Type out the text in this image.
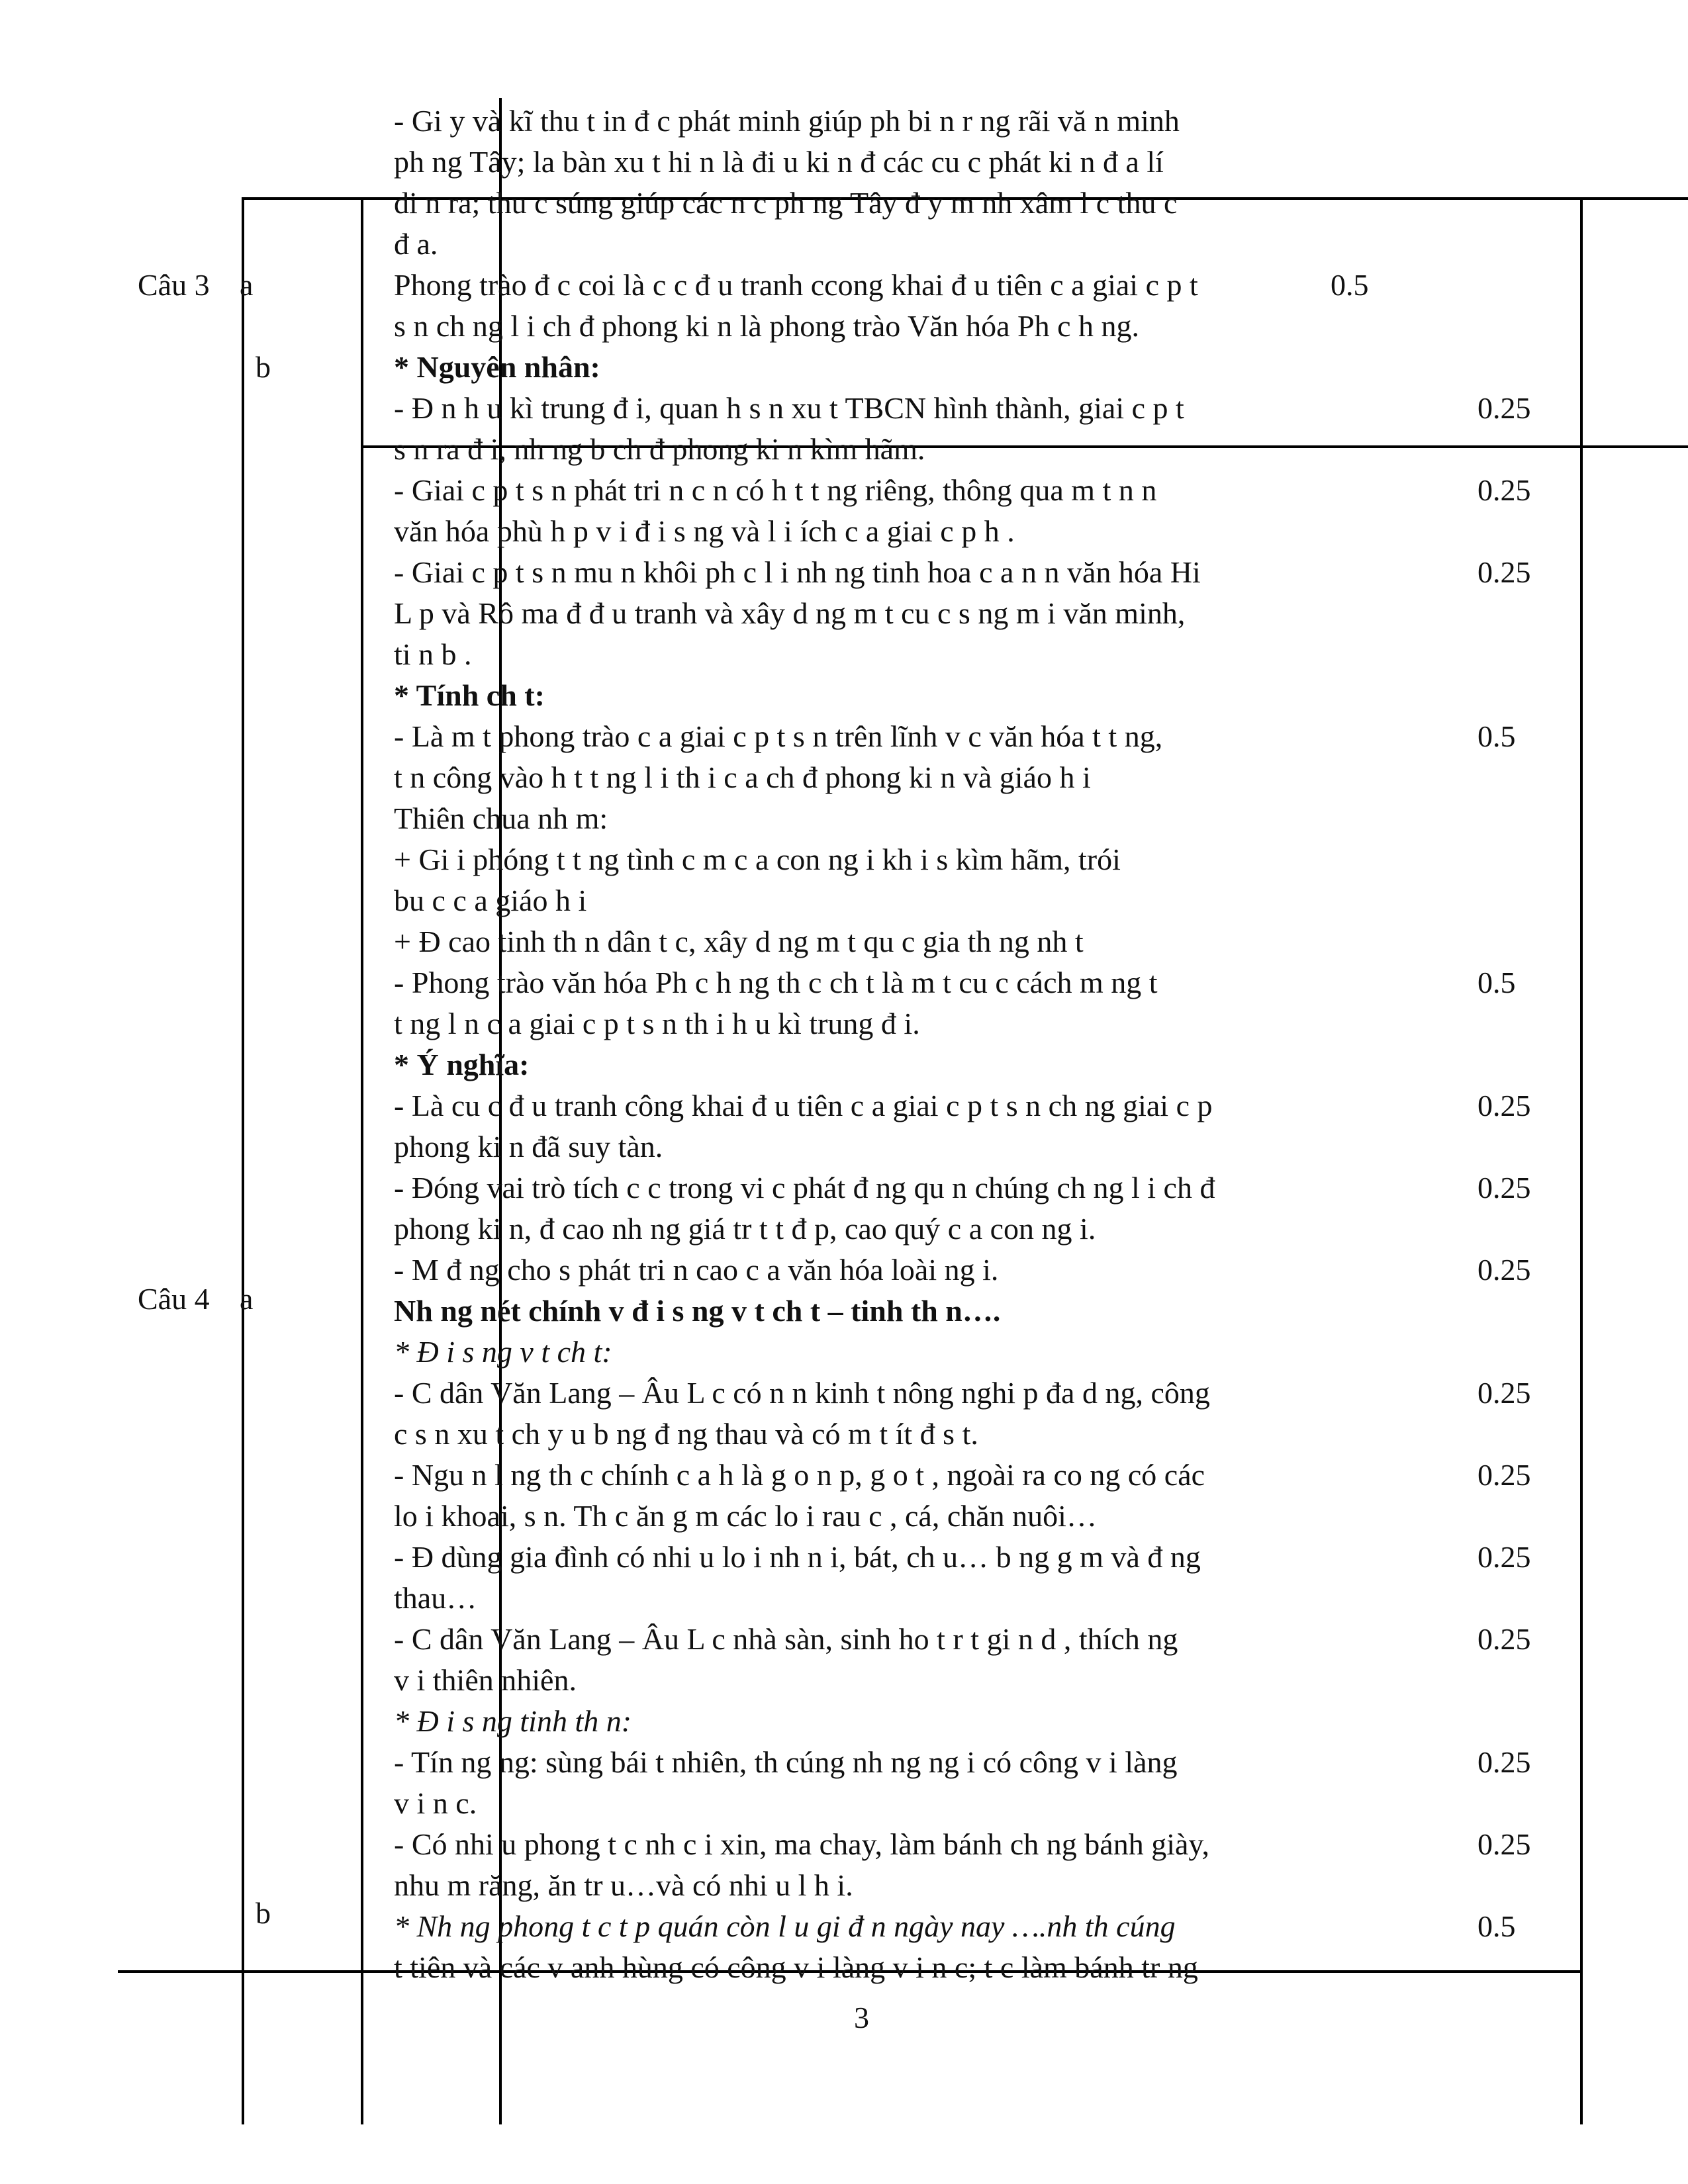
Câu 3 a
b
Câu 4 a
b
- Gi y và kĩ thu t in đ c phát minh giúp ph bi n r ng rãi vă n minh
ph ng Tây; la bàn xu t hi n là đi u ki n đ các cu c phát ki n đ a lí
di n ra; thu c súng giúp các n c ph ng Tây đ y m nh xâm l c thu c
đ a.
Phong trào đ c coi là c c đ u tranh ccong khai đ u tiên c a giai c p t
s n ch ng l i ch đ phong ki n là phong trào Văn hóa Ph c h ng.
* Nguyên nhân:
- Đ n h u kì trung đ i, quan h s n xu t TBCN hình thành, giai c p t
s n ra đ i, nh ng b ch đ phong ki n kìm hãm.
- Giai c p t s n phát tri n c n có h t t ng riêng, thông qua m t n n
văn hóa phù h p v i đ i s ng và l i ích c a giai c p h .
- Giai c p t s n mu n khôi ph c l i nh ng tinh hoa c a n n văn hóa Hi
L p và Rô ma đ đ u tranh và xây d ng m t cu c s ng m i văn minh,
ti n b .
* Tính ch t:
- Là m t phong trào c a giai c p t s n trên lĩnh v c văn hóa t t ng,
t n công vào h t t ng l i th i c a ch đ phong ki n và giáo h i
Thiên chua nh m:
+ Gi i phóng t t ng tình c m c a con ng i kh i s kìm hãm, trói
bu c c a giáo h i
+ Đ cao tinh th n dân t c, xây d ng m t qu c gia th ng nh t
- Phong trào văn hóa Ph c h ng th c ch t là m t cu c cách m ng t
t ng l n c a giai c p t s n th i h u kì trung đ i.
* Ý nghĩa:
- Là cu c đ u tranh công khai đ u tiên c a giai c p t s n ch ng giai c p
phong ki n đã suy tàn.
- Đóng vai trò tích c c trong vi c phát đ ng qu n chúng ch ng l i ch đ
phong ki n, đ cao nh ng giá tr t t đ p, cao quý c a con ng i.
- M đ ng cho s phát tri n cao c a văn hóa loài ng i.
Nh ng nét chính v đ i s ng v t ch t – tinh th n….
* Đ i s ng v t ch t:
- C dân Văn Lang – Âu L c có n n kinh t nông nghi p đa d ng, công
c s n xu t ch y u b ng đ ng thau và có m t ít đ s t.
- Ngu n l ng th c chính c a h là g o n p, g o t , ngoài ra co ng có các
lo i khoai, s n. Th c ăn g m các lo i rau c , cá, chăn nuôi…
- Đ dùng gia đình có nhi u lo i nh n i, bát, ch u… b ng g m và đ ng
thau…
- C dân Văn Lang – Âu L c nhà sàn, sinh ho t r t gi n d , thích ng
v i thiên nhiên.
* Đ i s ng tinh th n:
- Tín ng ng: sùng bái t nhiên, th cúng nh ng ng i có công v i làng
v i n c.
- Có nhi u phong t c nh c i xin, ma chay, làm bánh ch ng bánh giày,
nhu m răng, ăn tr u…và có nhi u l h i.
* Nh ng phong t c t p quán còn l u gi đ n ngày nay ….nh th cúng
t tiên và các v anh hùng có công v i làng v i n c; t c làm bánh tr ng
0.5
0.25
0.25
0.25
0.5
0.5
0.25
0.25
0.25
0.25
0.25
0.25
0.25
0.25
0.25
0.5
3
